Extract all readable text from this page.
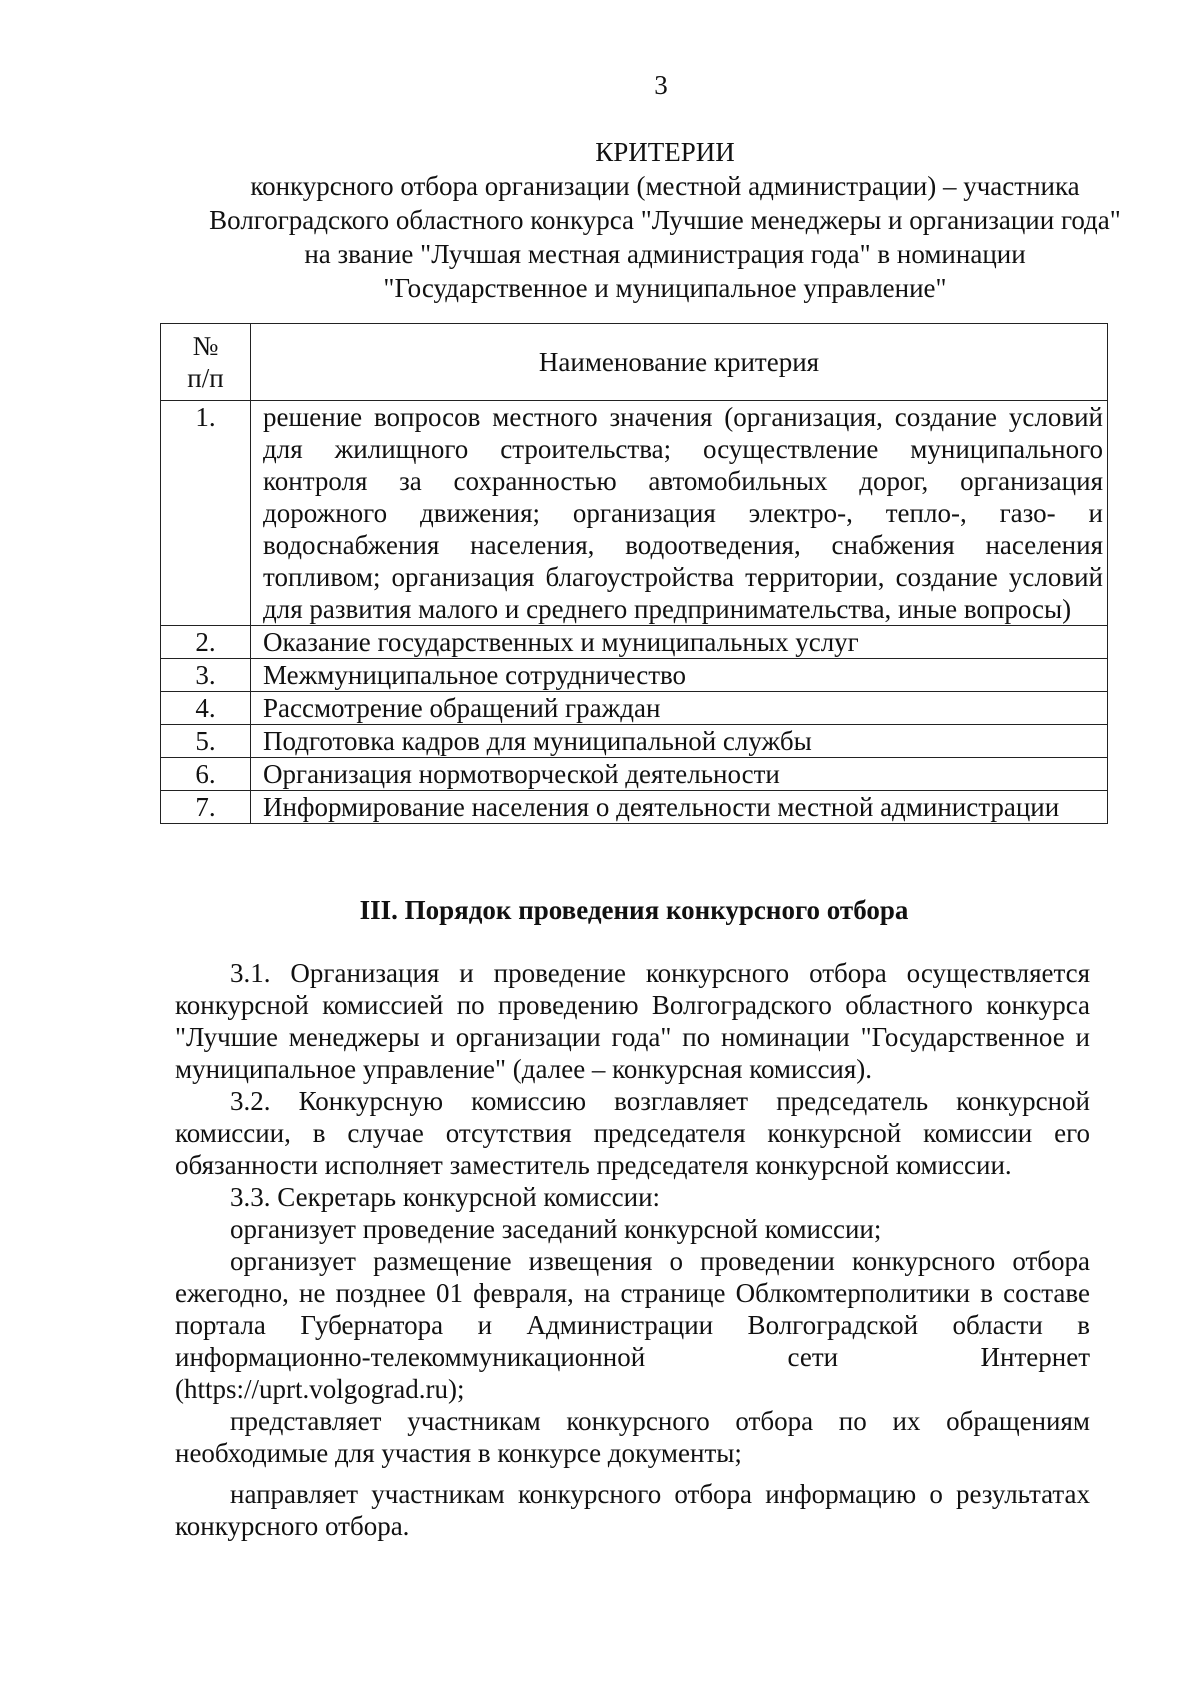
3
КРИТЕРИИ
конкурсного отбора организации (местной администрации) – участника
Волгоградского областного конкурса "Лучшие менеджеры и организации года"
на звание "Лучшая местная администрация года" в номинации
"Государственное и муниципальное управление"
№
п/п	Наименование критерия
1.	решение вопросов местного значения (организация, создание условий для жилищного строительства; осуществление муниципального контроля за сохранностью автомобильных дорог, организация дорожного движения; организация электро-, тепло-, газо- и водоснабжения населения, водоотведения, снабжения населения топливом; организация благоустройства территории, создание условий для развития малого и среднего предпринимательства, иные вопросы)
2.	Оказание государственных и муниципальных услуг
3.	Межмуниципальное сотрудничество
4.	Рассмотрение обращений граждан
5.	Подготовка кадров для муниципальной службы
6.	Организация нормотворческой деятельности
7.	Информирование населения о деятельности местной администрации
III. Порядок проведения конкурсного отбора

3.1. Организация и проведение конкурсного отбора осуществляется конкурсной комиссией по проведению Волгоградского областного конкурса "Лучшие менеджеры и организации года" по номинации "Государственное и муниципальное управление" (далее – конкурсная комиссия).

3.2. Конкурсную комиссию возглавляет председатель конкурсной комиссии, в случае отсутствия председателя конкурсной комиссии его обязанности исполняет заместитель председателя конкурсной комиссии.

3.3. Секретарь конкурсной комиссии:

организует проведение заседаний конкурсной комиссии;

организует размещение извещения о проведении конкурсного отбора ежегодно, не позднее 01 февраля, на странице Облкомтерполитики в составе портала Губернатора и Администрации Волгоградской области в информационно-телекоммуникационной сети Интернет (https://uprt.volgograd.ru);

представляет участникам конкурсного отбора по их обращениям необходимые для участия в конкурсе документы;

направляет участникам конкурсного отбора информацию о результатах конкурсного отбора.
